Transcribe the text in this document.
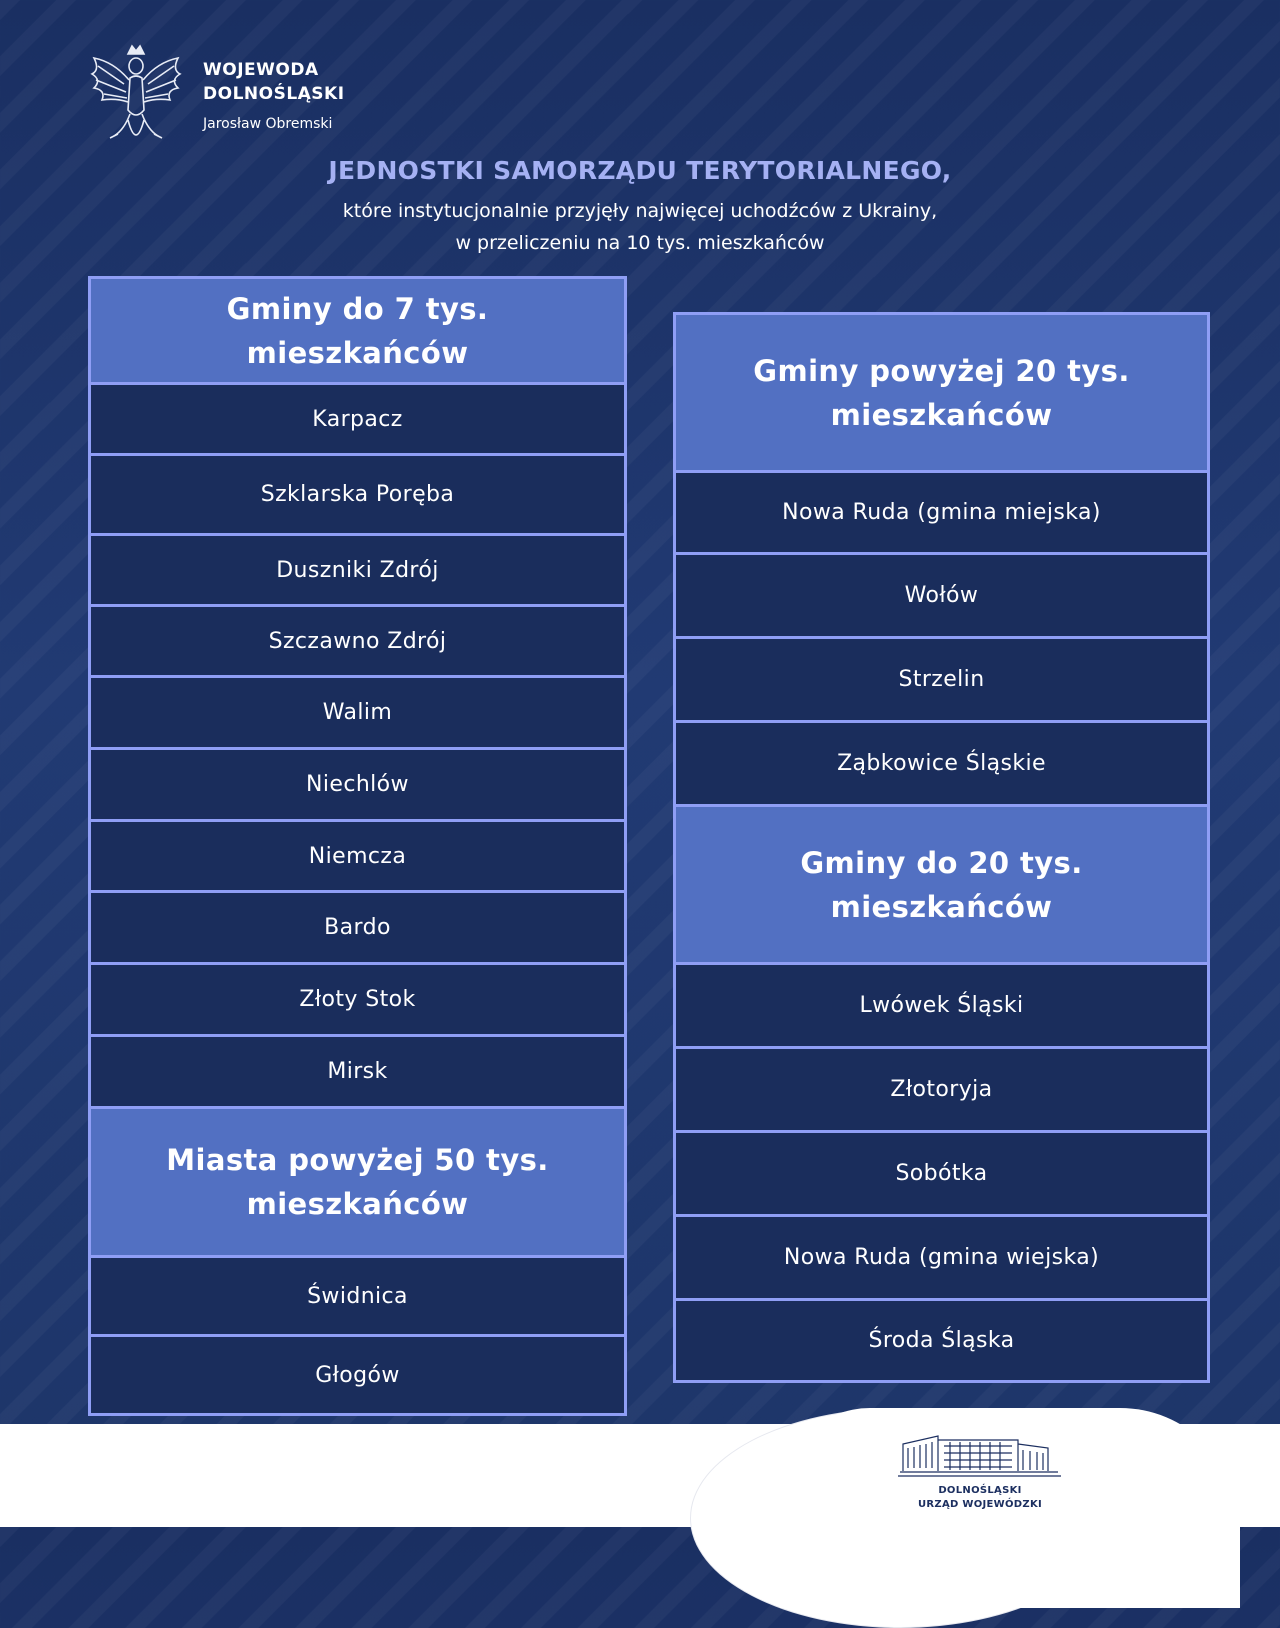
WOJEWODA
DOLNOŚLĄSKI
Jarosław Obremski
JEDNOSTKI SAMORZĄDU TERYTORIALNEGO,
które instytucjonalnie przyjęły najwięcej uchodźców z Ukrainy,
w przeliczeniu na 10 tys. mieszkańców
Gminy do 7 tys. mieszkańców
Karpacz
Szklarska Poręba
Duszniki Zdrój
Szczawno Zdrój
Walim
Niechlów
Niemcza
Bardo
Złoty Stok
Mirsk
Miasta powyżej 50 tys.
mieszkańców
Świdnica
Głogów
Gminy powyżej 20 tys.
mieszkańców
Nowa Ruda (gmina miejska)
Wołów
Strzelin
Ząbkowice Śląskie
Gminy do 20 tys.
mieszkańców
Lwówek Śląski
Złotoryja
Sobótka
Nowa Ruda (gmina wiejska)
Środa Śląska
DOLNOŚLĄSKI
URZĄD WOJEWÓDZKI
